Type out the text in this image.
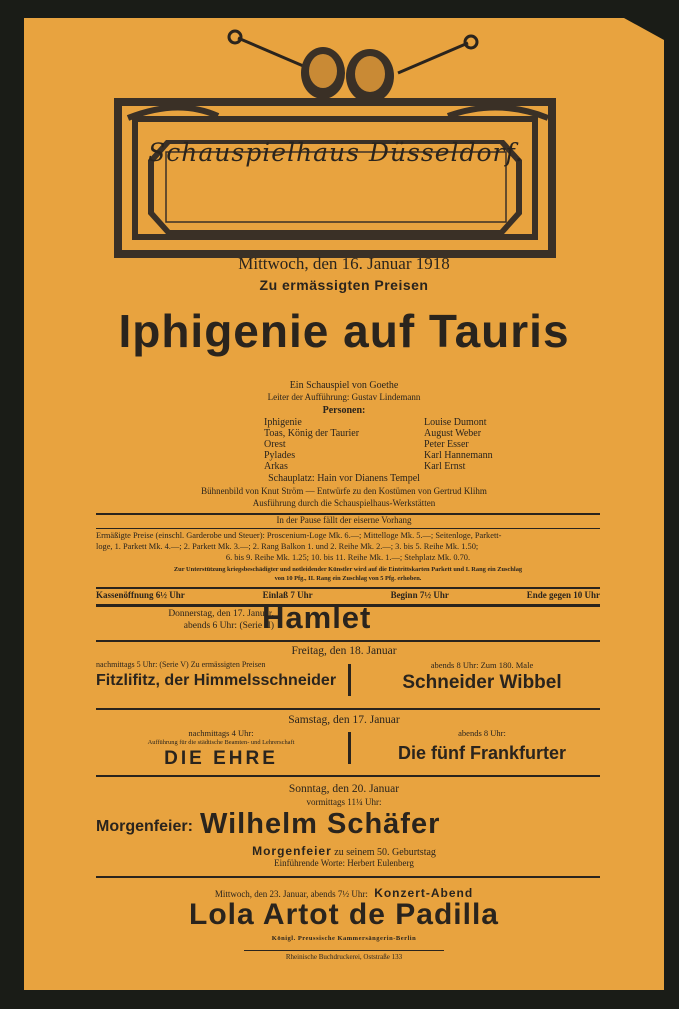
Schauspielhaus Düsseldorf.
Mittwoch, den 16. Januar 1918
Zu ermässigten Preisen
Iphigenie auf Tauris
Ein Schauspiel von Goethe
Leiter der Aufführung: Gustav Lindemann
Personen:
Iphigenie	Louise Dumont
Toas, König der Taurier	August Weber
Orest	Peter Esser
Pylades	Karl Hannemann
Arkas	Karl Ernst
Schauplatz: Hain vor Dianens Tempel
Bühnenbild von Knut Ström — Entwürfe zu den Kostümen von Gertrud Klihm
Ausführung durch die Schauspielhaus-Werkstätten
In der Pause fällt der eiserne Vorhang
Ermäßigte Preise (einschl. Garderobe und Steuer): Proscenium-Loge Mk. 6.—; Mittelloge Mk. 5.—; Seitenloge, Parkett-
loge, 1. Parkett Mk. 4.—; 2. Parkett Mk. 3.—; 2. Rang Balkon 1. und 2. Reihe Mk. 2.—; 3. bis 5. Reihe Mk. 1.50;
6. bis 9. Reihe Mk. 1.25; 10. bis 11. Reihe Mk. 1.—; Stehplatz Mk. 0.70.
Zur Unterstützung kriegsbeschädigter und notleidender Künstler wird auf die Eintrittskarten Parkett und I. Rang ein Zuschlag
von 10 Pfg., II. Rang ein Zuschlag von 5 Pfg. erhoben.
Kassenöffnung 6½ Uhr	Einlaß 7 Uhr	Beginn 7½ Uhr	Ende gegen 10 Uhr
Donnerstag, den 17. Januar,
abends 6 Uhr: (Serie II)
Hamlet
Freitag, den 18. Januar
nachmittags 5 Uhr: (Serie V) Zu ermässigten Preisen
Fitzlifitz, der Himmelsschneider
abends 8 Uhr: Zum 180. Male
Schneider Wibbel
Samstag, den 17. Januar
nachmittags 4 Uhr:
Aufführung für die städtische Beamten- und Lehrerschaft
DIE EHRE
abends 8 Uhr:
Die fünf Frankfurter
Sonntag, den 20. Januar
vormittags 11¼ Uhr:
Morgenfeier: Wilhelm Schäfer
Morgenfeier zu seinem 50. Geburtstag
Einführende Worte: Herbert Eulenberg
Mittwoch, den 23. Januar, abends 7½ Uhr: Konzert-Abend
Lola Artot de Padilla
Königl. Preussische Kammersängerin-Berlin
Rheinische Buchdruckerei, Oststraße 133
